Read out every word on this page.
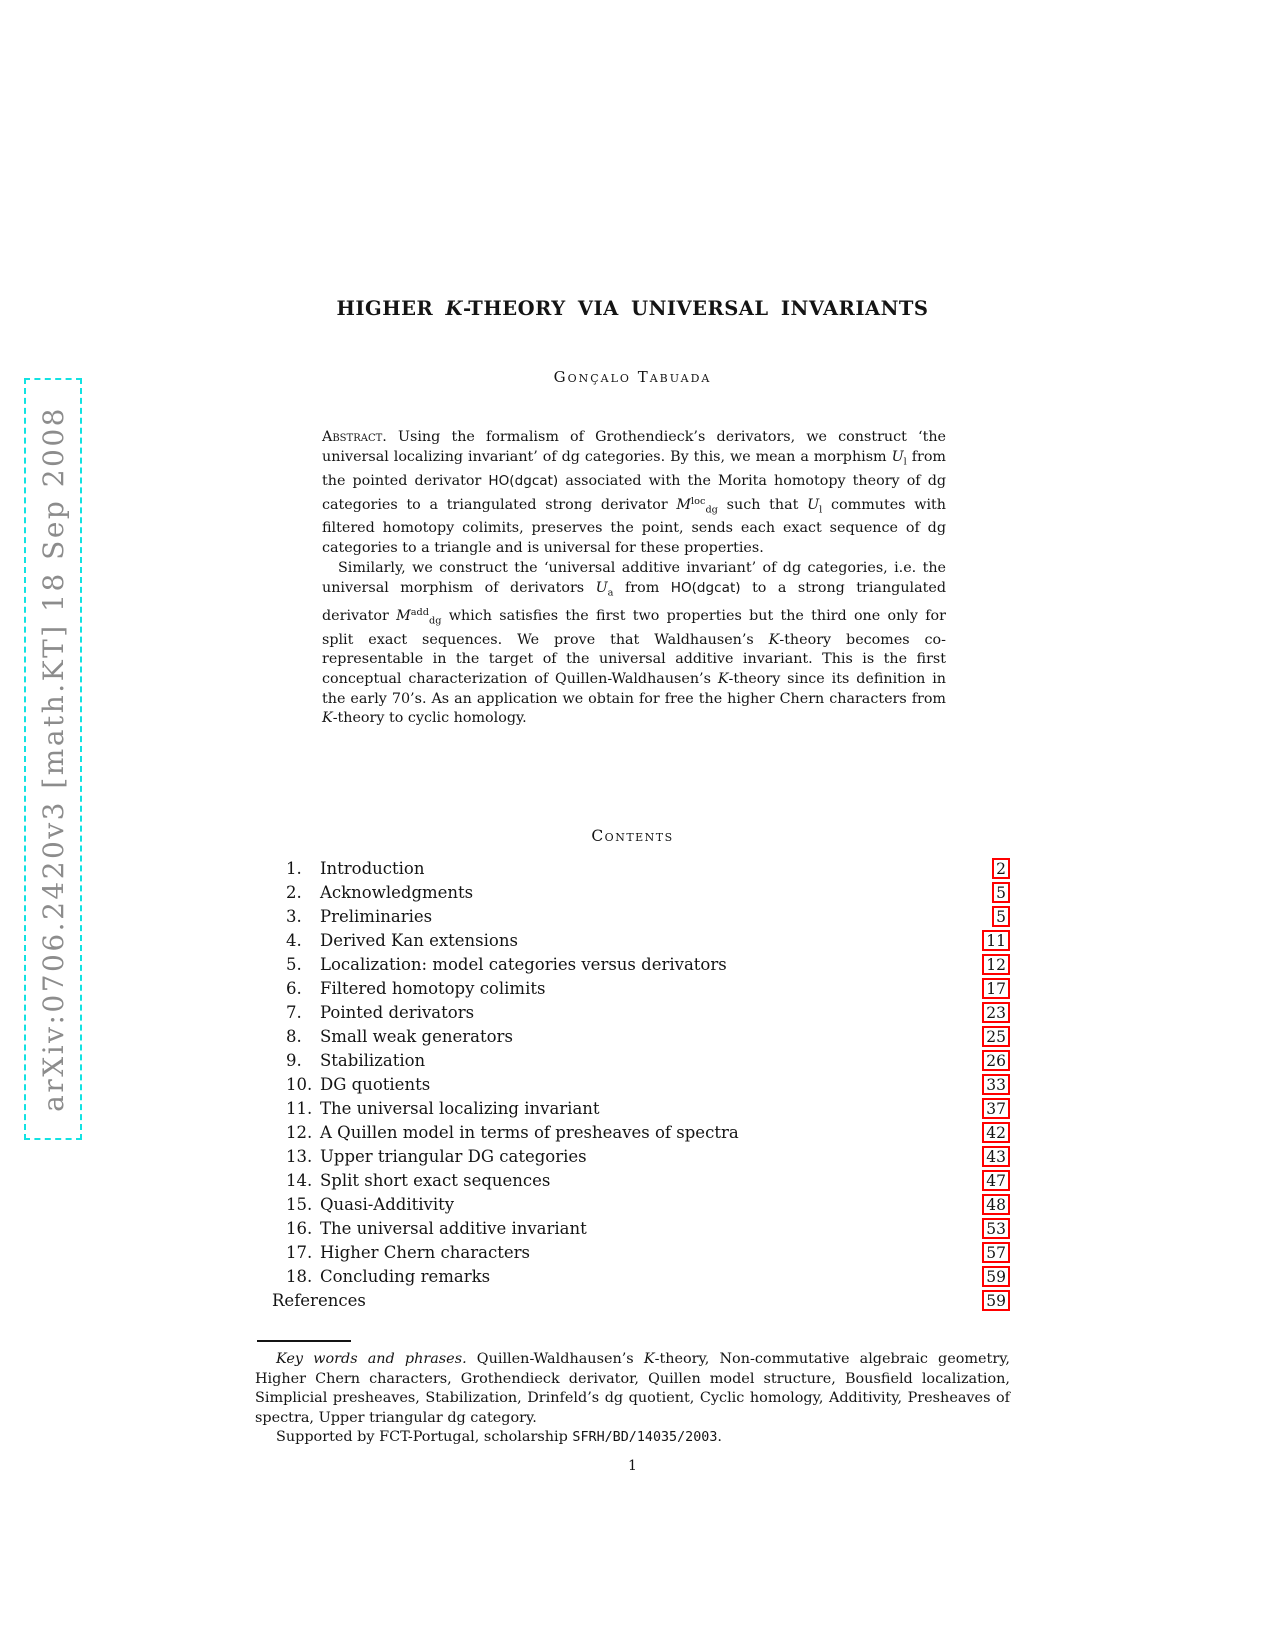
arXiv:0706.2420v3 [math.KT] 18 Sep 2008
HIGHER K-THEORY VIA UNIVERSAL INVARIANTS
Gonçalo Tabuada

Abstract. Using the formalism of Grothendieck’s derivators, we construct ‘the universal localizing invariant’ of dg categories. By this, we mean a morphism $U_l$ from the pointed derivator HO(dgcat) associated with the Morita homotopy theory of dg categories to a triangulated strong derivator $M^{loc}_{dg}$ such that $U_l$ commutes with filtered homotopy colimits, preserves the point, sends each exact sequence of dg categories to a triangle and is universal for these properties.

Similarly, we construct the ‘universal additive invariant’ of dg categories, i.e. the universal morphism of derivators $U_a$ from HO(dgcat) to a strong triangulated derivator $M^{add}_{dg}$ which satisfies the first two properties but the third one only for split exact sequences. We prove that Waldhausen’s K-theory becomes co-representable in the target of the universal additive invariant. This is the first conceptual characterization of Quillen-Waldhausen’s K-theory since its definition in the early 70’s. As an application we obtain for free the higher Chern characters from K-theory to cyclic homology.

Contents
1.	Introduction	2
2.	Acknowledgments	5
3.	Preliminaries	5
4.	Derived Kan extensions	11
5.	Localization: model categories versus derivators	12
6.	Filtered homotopy colimits	17
7.	Pointed derivators	23
8.	Small weak generators	25
9.	Stabilization	26
10. DG quotients	33
11. The universal localizing invariant	37
12. A Quillen model in terms of presheaves of spectra	42
13. Upper triangular DG categories	43
14. Split short exact sequences	47
15. Quasi-Additivity	48
16. The universal additive invariant	53
17. Higher Chern characters	57
18. Concluding remarks	59
References	59

Key words and phrases. Quillen-Waldhausen’s K-theory, Non-commutative algebraic geometry, Higher Chern characters, Grothendieck derivator, Quillen model structure, Bousfield localization, Simplicial presheaves, Stabilization, Drinfeld’s dg quotient, Cyclic homology, Additivity, Presheaves of spectra, Upper triangular dg category.

Supported by FCT-Portugal, scholarship SFRH/BD/14035/2003.

1
